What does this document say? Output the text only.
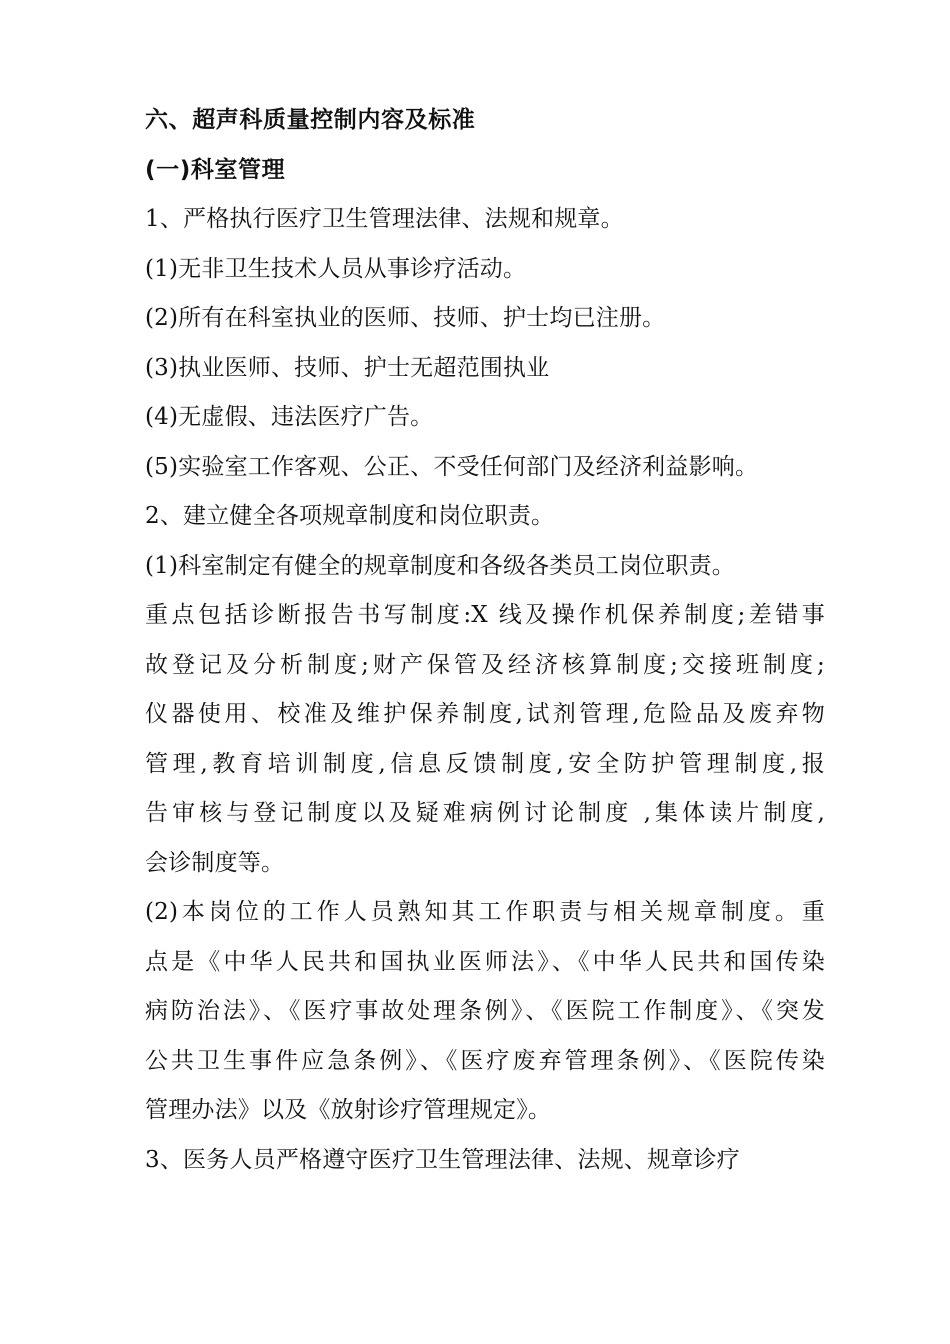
六、超声科质量控制内容及标准
(一)科室管理
1、严格执行医疗卫生管理法律、法规和规章。
(1)无非卫生技术人员从事诊疗活动。
(2)所有在科室执业的医师、技师、护士均已注册。
(3)执业医师、技师、护士无超范围执业
(4)无虚假、违法医疗广告。
(5)实验室工作客观、公正、不受任何部门及经济利益影响。
2、建立健全各项规章制度和岗位职责。
(1)科室制定有健全的规章制度和各级各类员工岗位职责。
重点包括诊断报告书写制度:X 线及操作机保养制度;差错事
故登记及分析制度;财产保管及经济核算制度;交接班制度;
仪器使用、校准及维护保养制度,试剂管理,危险品及废弃物
管理,教育培训制度,信息反馈制度,安全防护管理制度,报
告审核与登记制度以及疑难病例讨论制度 ,集体读片制度,
会诊制度等。
(2)本岗位的工作人员熟知其工作职责与相关规章制度。重
点是《中华人民共和国执业医师法》、《中华人民共和国传染
病防治法》、《医疗事故处理条例》、《医院工作制度》、《突发
公共卫生事件应急条例》、《医疗废弃管理条例》、《医院传染
管理办法》以及《放射诊疗管理规定》。
3、医务人员严格遵守医疗卫生管理法律、法规、规章诊疗
